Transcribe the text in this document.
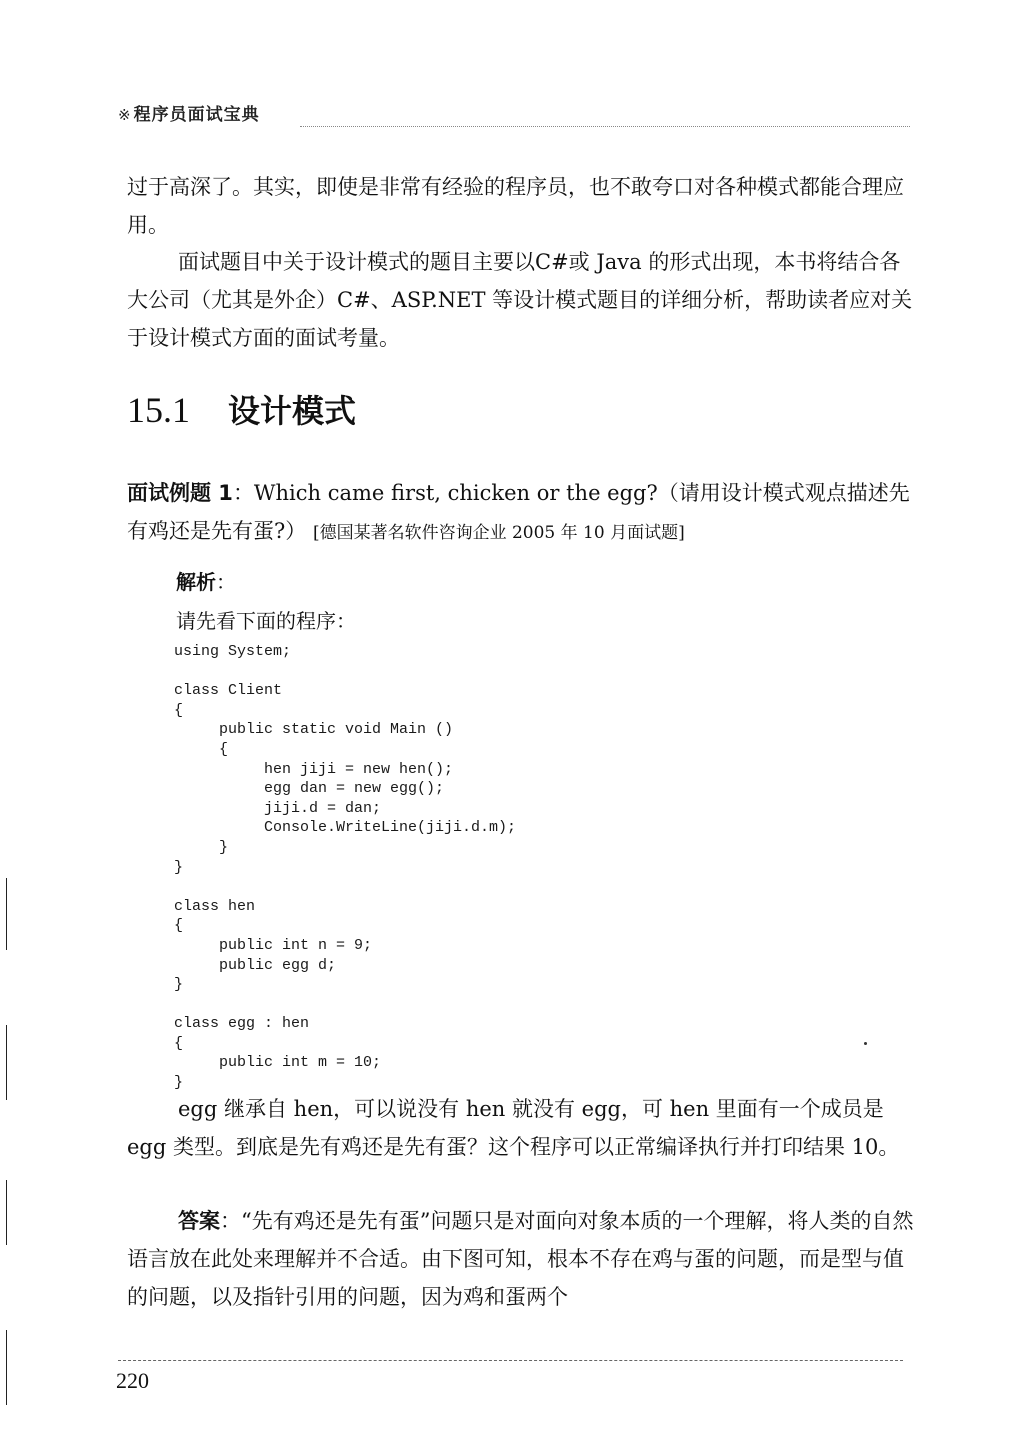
※ 程序员面试宝典

过于高深了。其实，即使是非常有经验的程序员，也不敢夸口对各种模式都能合理应用。

面试题目中关于设计模式的题目主要以C#或 Java 的形式出现，本书将结合各大公司（尤其是外企）C#、ASP.NET 等设计模式题目的详细分析，帮助读者应对关于设计模式方面的面试考量。

15.1 设计模式

面试例题 1：Which came first, chicken or the egg?（请用设计模式观点描述先有鸡还是先有蛋?） [德国某著名软件咨询企业 2005 年 10 月面试题]

解析：
请先看下面的程序：
using System;

class Client
{
public static void Main ()
{
hen jiji = new hen();
egg dan = new egg();
jiji.d = dan;
Console.WriteLine(jiji.d.m);
}
}

class hen
{
public int n = 9;
public egg d;
}

class egg : hen
{
public int m = 10;
}

egg 继承自 hen，可以说没有 hen 就没有 egg，可 hen 里面有一个成员是 egg 类型。到底是先有鸡还是先有蛋？这个程序可以正常编译执行并打印结果 10。

答案：“先有鸡还是先有蛋”问题只是对面向对象本质的一个理解，将人类的自然语言放在此处来理解并不合适。由下图可知，根本不存在鸡与蛋的问题，而是型与值的问题，以及指针引用的问题，因为鸡和蛋两个

220
